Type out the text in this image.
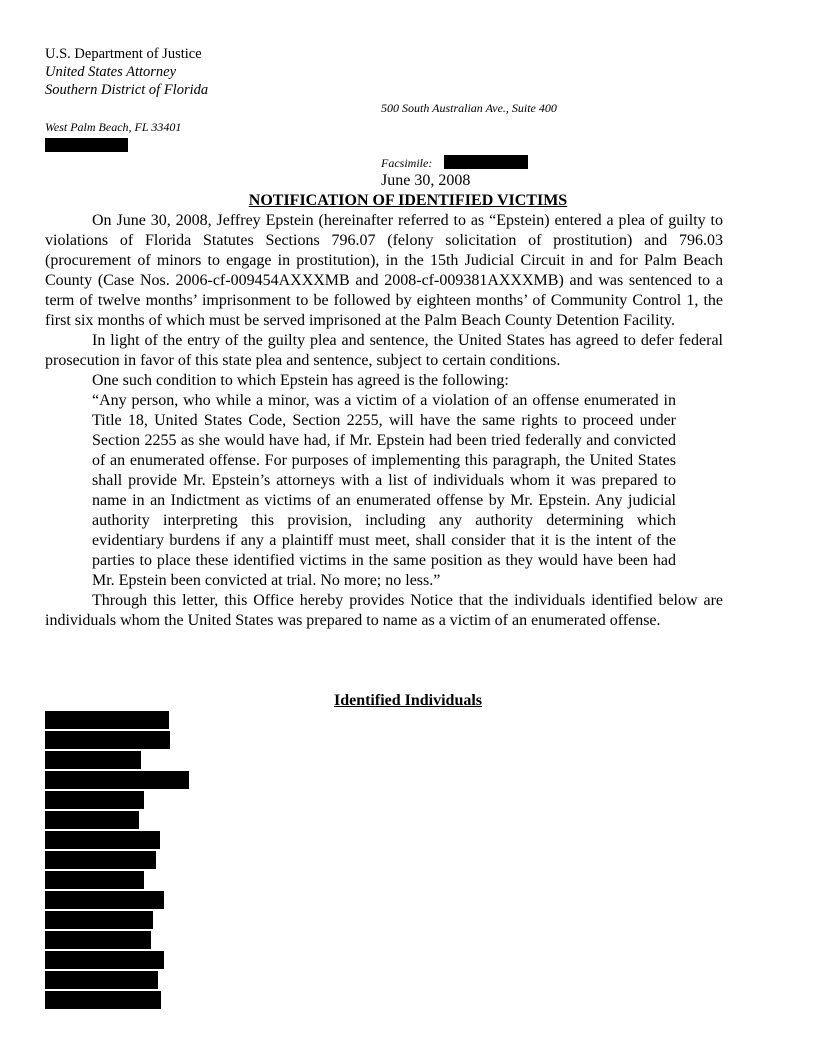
U.S. Department of Justice
United States Attorney
Southern District of Florida
500 South Australian Ave., Suite 400
West Palm Beach, FL 33401
Facsimile:
June 30, 2008
NOTIFICATION OF IDENTIFIED VICTIMS

On June 30, 2008, Jeffrey Epstein (hereinafter referred to as “Epstein) entered a plea of guilty to violations of Florida Statutes Sections 796.07 (felony solicitation of prostitution) and 796.03 (procurement of minors to engage in prostitution), in the 15th Judicial Circuit in and for Palm Beach County (Case Nos. 2006-cf-009454AXXXMB and 2008-cf-009381AXXXMB) and was sentenced to a term of twelve months’ imprisonment to be followed by eighteen months’ of Community Control 1, the first six months of which must be served imprisoned at the Palm Beach County Detention Facility.

In light of the entry of the guilty plea and sentence, the United States has agreed to defer federal prosecution in favor of this state plea and sentence, subject to certain conditions.

One such condition to which Epstein has agreed is the following:

“Any person, who while a minor, was a victim of a violation of an offense enumerated in Title 18, United States Code, Section 2255, will have the same rights to proceed under Section 2255 as she would have had, if Mr. Epstein had been tried federally and convicted of an enumerated offense. For purposes of implementing this paragraph, the United States shall provide Mr. Epstein’s attorneys with a list of individuals whom it was prepared to name in an Indictment as victims of an enumerated offense by Mr. Epstein. Any judicial authority interpreting this provision, including any authority determining which evidentiary burdens if any a plaintiff must meet, shall consider that it is the intent of the parties to place these identified victims in the same position as they would have been had Mr. Epstein been convicted at trial. No more; no less.”

Through this letter, this Office hereby provides Notice that the individuals identified below are individuals whom the United States was prepared to name as a victim of an enumerated offense.

Identified Individuals
